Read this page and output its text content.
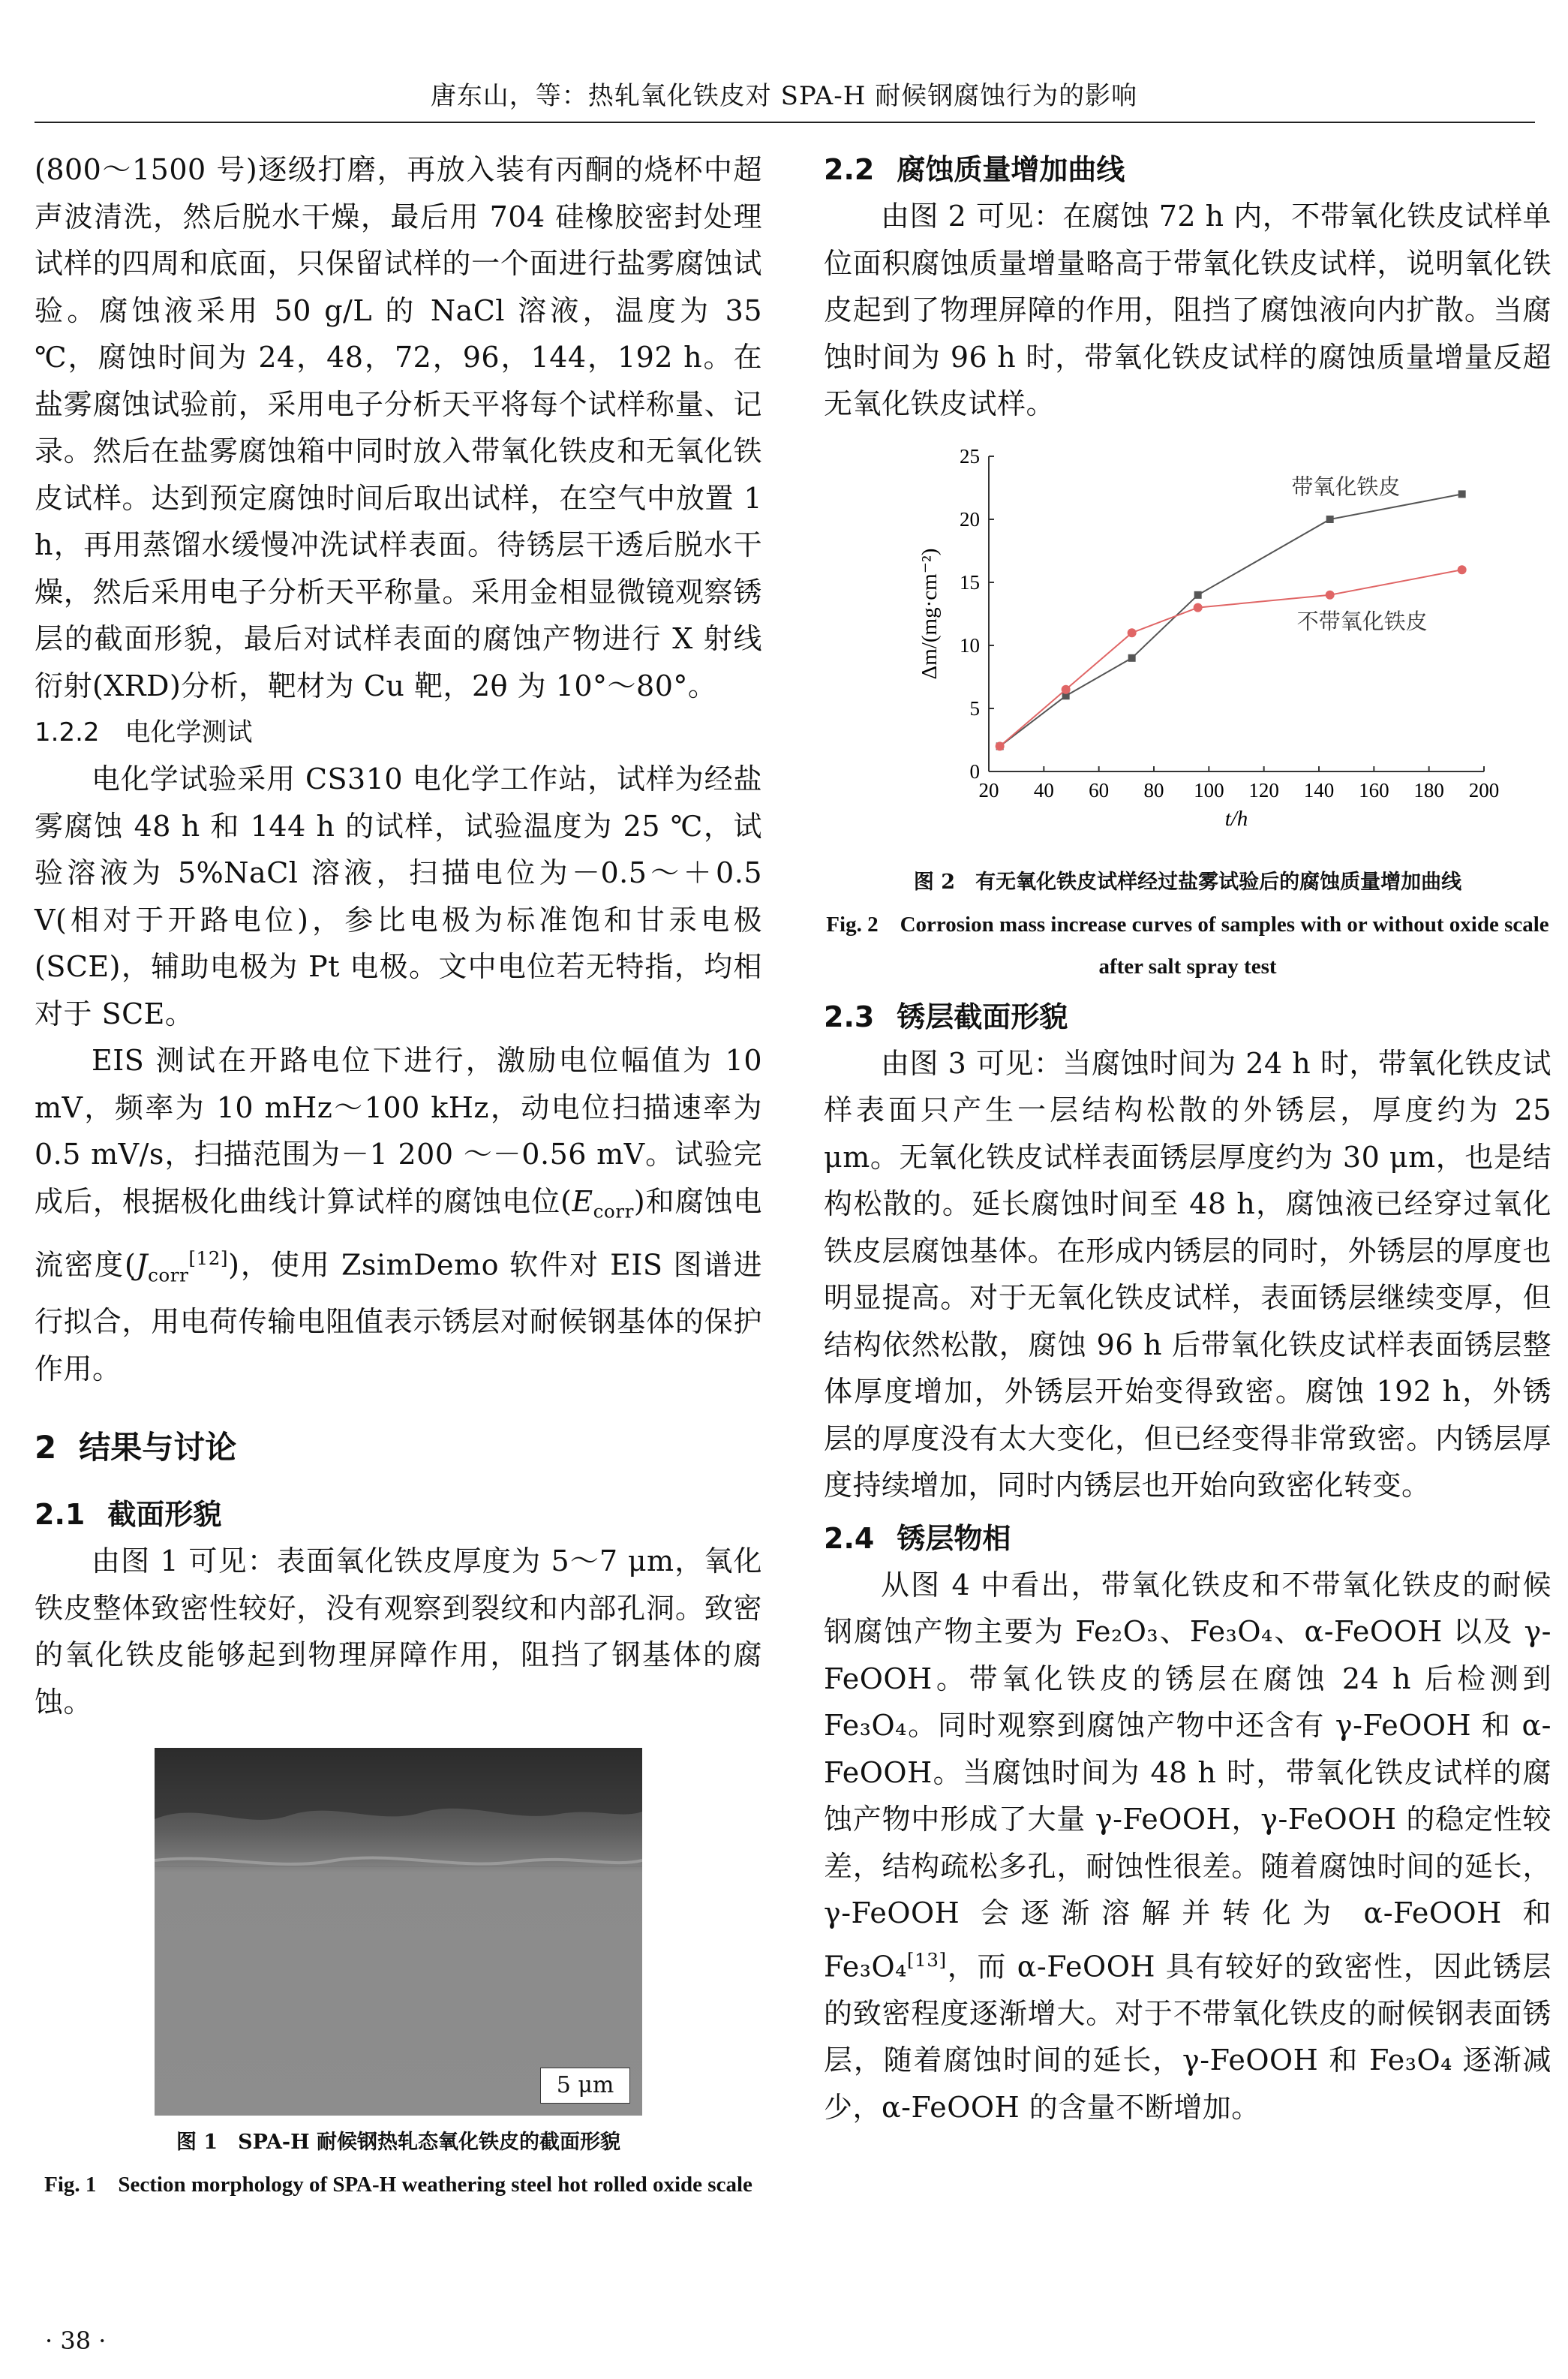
唐东山，等：热轧氧化铁皮对 SPA-H 耐候钢腐蚀行为的影响

(800～1500 号)逐级打磨，再放入装有丙酮的烧杯中超声波清洗，然后脱水干燥，最后用 704 硅橡胶密封处理试样的四周和底面，只保留试样的一个面进行盐雾腐蚀试验。腐蚀液采用 50 g/L 的 NaCl 溶液，温度为 35 ℃，腐蚀时间为 24，48，72，96，144，192 h。在盐雾腐蚀试验前，采用电子分析天平将每个试样称量、记录。然后在盐雾腐蚀箱中同时放入带氧化铁皮和无氧化铁皮试样。达到预定腐蚀时间后取出试样，在空气中放置 1 h，再用蒸馏水缓慢冲洗试样表面。待锈层干透后脱水干燥，然后采用电子分析天平称量。采用金相显微镜观察锈层的截面形貌，最后对试样表面的腐蚀产物进行 X 射线衍射(XRD)分析，靶材为 Cu 靶，2θ 为 10°～80°。

1.2.2　电化学测试

电化学试验采用 CS310 电化学工作站，试样为经盐雾腐蚀 48 h 和 144 h 的试样，试验温度为 25 ℃，试验溶液为 5%NaCl 溶液，扫描电位为－0.5～＋0.5 V(相对于开路电位)，参比电极为标准饱和甘汞电极(SCE)，辅助电极为 Pt 电极。文中电位若无特指，均相对于 SCE。

EIS 测试在开路电位下进行，激励电位幅值为 10 mV，频率为 10 mHz～100 kHz，动电位扫描速率为 0.5 mV/s，扫描范围为－1 200 ～－0.56 mV。试验完成后，根据极化曲线计算试样的腐蚀电位$(E_{corr})$和腐蚀电流密度$(J_{corr}[12])$，使用 ZsimDemo 软件对 EIS 图谱进行拟合，用电荷传输电阻值表示锈层对耐候钢基体的保护作用。

2 结果与讨论
2.1 截面形貌

由图 1 可见：表面氧化铁皮厚度为 5～7 μm，氧化铁皮整体致密性较好，没有观察到裂纹和内部孔洞。致密的氧化铁皮能够起到物理屏障作用，阻挡了钢基体的腐蚀。

5 μm

图 1　SPA-H 耐候钢热轧态氧化铁皮的截面形貌

Fig. 1　Section morphology of SPA-H weathering steel hot rolled oxide scale

2.2 腐蚀质量增加曲线

由图 2 可见：在腐蚀 72 h 内，不带氧化铁皮试样单位面积腐蚀质量增量略高于带氧化铁皮试样，说明氧化铁皮起到了物理屏障的作用，阻挡了腐蚀液向内扩散。当腐蚀时间为 96 h 时，带氧化铁皮试样的腐蚀质量增量反超无氧化铁皮试样。

20 40 60 80 100 120 140 160 180 200
0
5
10
15
20
25
t/h
Δm/(mg·cm⁻²)
带氧化铁皮
不带氧化铁皮

图 2　有无氧化铁皮试样经过盐雾试验后的腐蚀质量增加曲线

Fig. 2　Corrosion mass increase curves of samples with or without oxide scale after salt spray test

2.3 锈层截面形貌

由图 3 可见：当腐蚀时间为 24 h 时，带氧化铁皮试样表面只产生一层结构松散的外锈层，厚度约为 25 μm。无氧化铁皮试样表面锈层厚度约为 30 μm，也是结构松散的。延长腐蚀时间至 48 h，腐蚀液已经穿过氧化铁皮层腐蚀基体。在形成内锈层的同时，外锈层的厚度也明显提高。对于无氧化铁皮试样，表面锈层继续变厚，但结构依然松散，腐蚀 96 h 后带氧化铁皮试样表面锈层整体厚度增加，外锈层开始变得致密。腐蚀 192 h，外锈层的厚度没有太大变化，但已经变得非常致密。内锈层厚度持续增加，同时内锈层也开始向致密化转变。

2.4 锈层物相

从图 4 中看出，带氧化铁皮和不带氧化铁皮的耐候钢腐蚀产物主要为 Fe₂O₃、Fe₃O₄、α-FeOOH 以及 γ-FeOOH。带氧化铁皮的锈层在腐蚀 24 h 后检测到 Fe₃O₄。同时观察到腐蚀产物中还含有 γ-FeOOH 和 α-FeOOH。当腐蚀时间为 48 h 时，带氧化铁皮试样的腐蚀产物中形成了大量 γ-FeOOH，γ-FeOOH 的稳定性较差，结构疏松多孔，耐蚀性很差。随着腐蚀时间的延长，γ-FeOOH 会逐渐溶解并转化为 α-FeOOH 和 Fe₃O₄[13]，而 α-FeOOH 具有较好的致密性，因此锈层的致密程度逐渐增大。对于不带氧化铁皮的耐候钢表面锈层，随着腐蚀时间的延长，γ-FeOOH 和 Fe₃O₄ 逐渐减少，α-FeOOH 的含量不断增加。

· 38 ·
